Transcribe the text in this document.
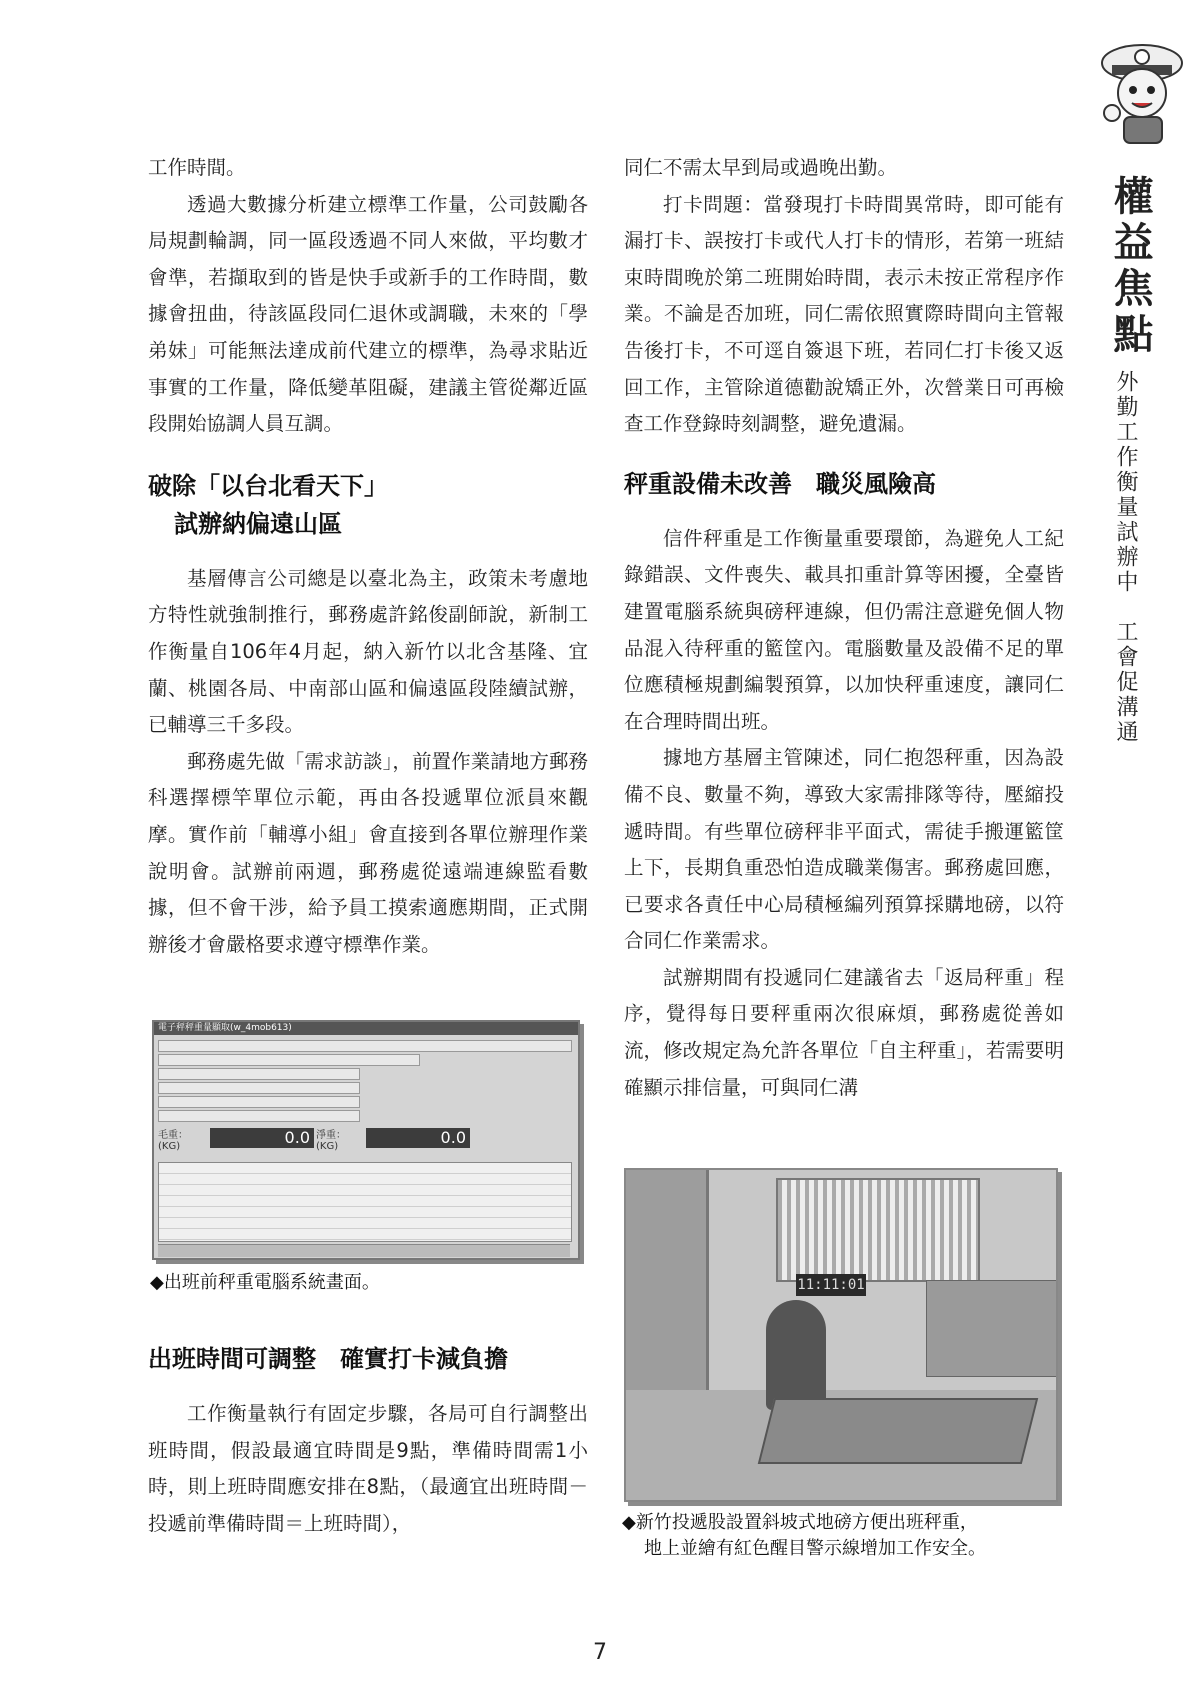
權益焦點
外勤工作衡量試辦中　工會促溝通

工作時間。

透過大數據分析建立標準工作量，公司鼓勵各局規劃輪調，同一區段透過不同人來做，平均數才會準，若擷取到的皆是快手或新手的工作時間，數據會扭曲，待該區段同仁退休或調職，未來的「學弟妹」可能無法達成前代建立的標準，為尋求貼近事實的工作量，降低變革阻礙，建議主管從鄰近區段開始協調人員互調。

破除「以台北看天下」
試辦納偏遠山區

基層傳言公司總是以臺北為主，政策未考慮地方特性就強制推行，郵務處許銘俊副師說，新制工作衡量自106年4月起，納入新竹以北含基隆、宜蘭、桃園各局、中南部山區和偏遠區段陸續試辦，已輔導三千多段。

郵務處先做「需求訪談」，前置作業請地方郵務科選擇標竿單位示範，再由各投遞單位派員來觀摩。實作前「輔導小組」會直接到各單位辦理作業說明會。試辦前兩週，郵務處從遠端連線監看數據，但不會干涉，給予員工摸索適應期間，正式開辦後才會嚴格要求遵守標準作業。

電子秤秤重量顯取(w_4mob613)
毛重：(KG)	0.0 淨重：(KG)	0.0
◆出班前秤重電腦系統畫面。
出班時間可調整　確實打卡減負擔

工作衡量執行有固定步驟，各局可自行調整出班時間，假設最適宜時間是9點，準備時間需1小時，則上班時間應安排在8點，（最適宜出班時間－投遞前準備時間＝上班時間），

同仁不需太早到局或過晚出勤。

打卡問題：當發現打卡時間異常時，即可能有漏打卡、誤按打卡或代人打卡的情形，若第一班結束時間晚於第二班開始時間，表示未按正常程序作業。不論是否加班，同仁需依照實際時間向主管報告後打卡，不可逕自簽退下班，若同仁打卡後又返回工作，主管除道德勸說矯正外，次營業日可再檢查工作登錄時刻調整，避免遺漏。

秤重設備未改善　職災風險高

信件秤重是工作衡量重要環節，為避免人工紀錄錯誤、文件喪失、載具扣重計算等困擾，全臺皆建置電腦系統與磅秤連線，但仍需注意避免個人物品混入待秤重的籃筐內。電腦數量及設備不足的單位應積極規劃編製預算，以加快秤重速度，讓同仁在合理時間出班。

據地方基層主管陳述，同仁抱怨秤重，因為設備不良、數量不夠，導致大家需排隊等待，壓縮投遞時間。有些單位磅秤非平面式，需徒手搬運籃筐上下，長期負重恐怕造成職業傷害。郵務處回應，已要求各責任中心局積極編列預算採購地磅，以符合同仁作業需求。

試辦期間有投遞同仁建議省去「返局秤重」程序，覺得每日要秤重兩次很麻煩，郵務處從善如流，修改規定為允許各單位「自主秤重」，若需要明確顯示排信量，可與同仁溝

11:11:01
◆新竹投遞股設置斜坡式地磅方便出班秤重，
地上並繪有紅色醒目警示線增加工作安全。
7
